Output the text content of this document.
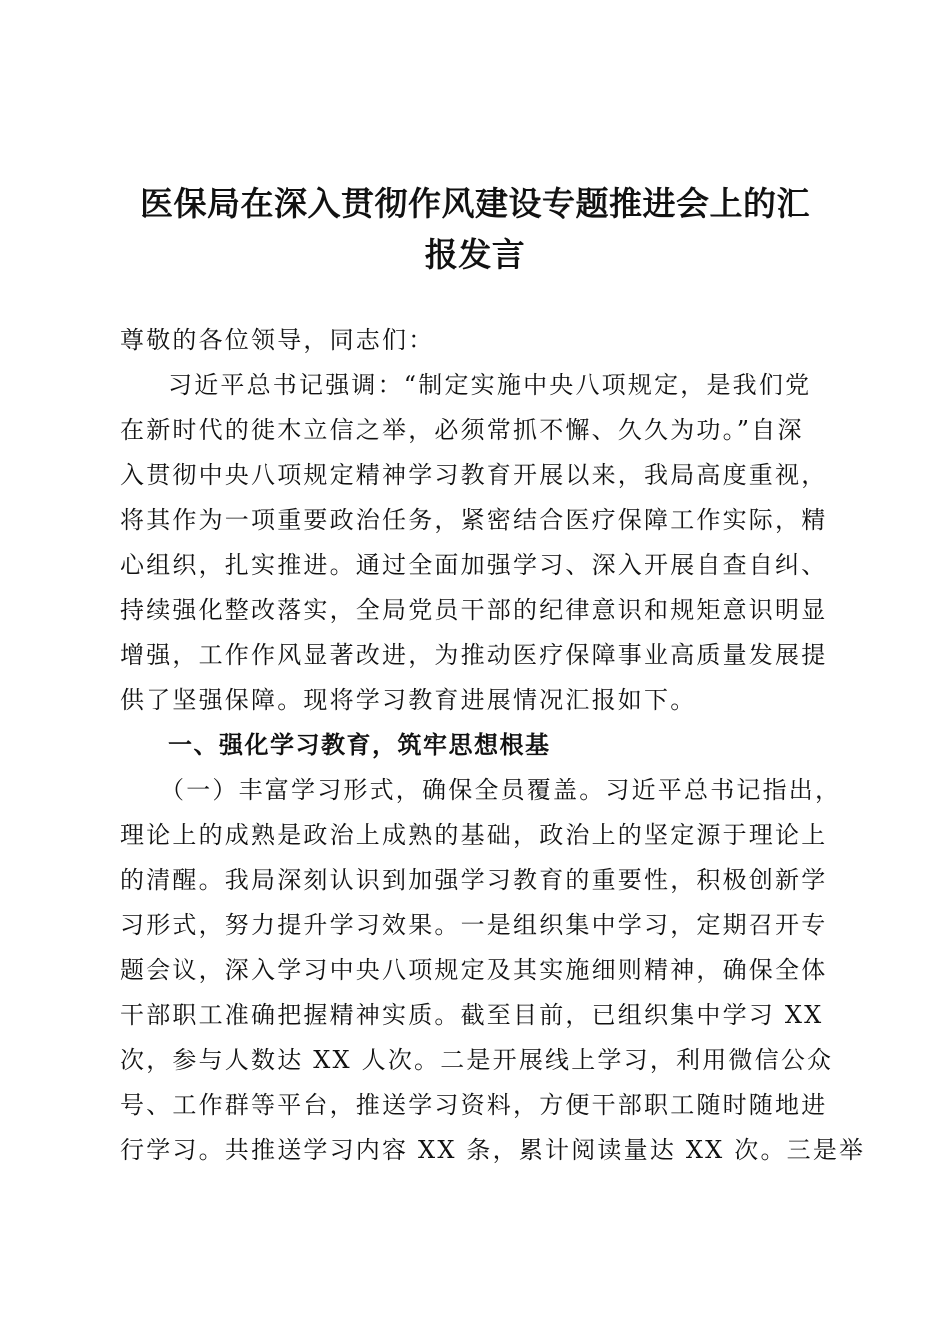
医保局在深入贯彻作风建设专题推进会上的汇
报发言
尊敬的各位领导，同志们：
习近平总书记强调：“制定实施中央八项规定，是我们党
在新时代的徙木立信之举，必须常抓不懈、久久为功。”自深
入贯彻中央八项规定精神学习教育开展以来，我局高度重视，
将其作为一项重要政治任务，紧密结合医疗保障工作实际，精
心组织，扎实推进。通过全面加强学习、深入开展自查自纠、
持续强化整改落实，全局党员干部的纪律意识和规矩意识明显
增强，工作作风显著改进，为推动医疗保障事业高质量发展提
供了坚强保障。现将学习教育进展情况汇报如下。
一、强化学习教育，筑牢思想根基
（一）丰富学习形式，确保全员覆盖。习近平总书记指出，
理论上的成熟是政治上成熟的基础，政治上的坚定源于理论上
的清醒。我局深刻认识到加强学习教育的重要性，积极创新学
习形式，努力提升学习效果。一是组织集中学习，定期召开专
题会议，深入学习中央八项规定及其实施细则精神，确保全体
干部职工准确把握精神实质。截至目前，已组织集中学习 XX
次，参与人数达 XX 人次。二是开展线上学习，利用微信公众
号、工作群等平台，推送学习资料，方便干部职工随时随地进
行学习。共推送学习内容 XX 条，累计阅读量达 XX 次。三是举
